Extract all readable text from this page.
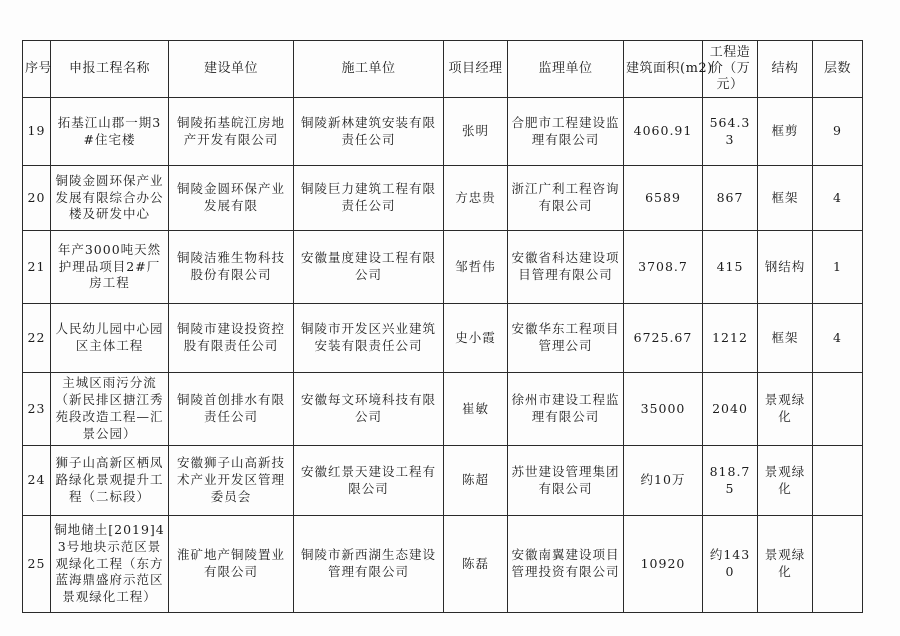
序号	申报工程名称	建设单位	施工单位	项目经理	监理单位	建筑面积(m2)	工程造价（万元）	结构	层数
19	拓基江山郡一期3#住宅楼	铜陵拓基皖江房地产开发有限公司	铜陵新林建筑安装有限责任公司	张明	合肥市工程建设监理有限公司	4060.91	564.33	框剪	9
20	铜陵金圆环保产业发展有限综合办公楼及研发中心	铜陵金圆环保产业发展有限	铜陵巨力建筑工程有限责任公司	方忠贵	浙江广利工程咨询有限公司	6589	867	框架	4
21	年产3000吨天然护理品项目2#厂房工程	铜陵洁雅生物科技股份有限公司	安徽量度建设工程有限公司	邹哲伟	安徽省科达建设项目管理有限公司	3708.7	415	钢结构	1
22	人民幼儿园中心园区主体工程	铜陵市建设投资控股有限责任公司	铜陵市开发区兴业建筑安装有限责任公司	史小霞	安徽华东工程项目管理公司	6725.67	1212	框架	4
23	主城区雨污分流（新民排区搪江秀苑段改造工程—汇景公园）	铜陵首创排水有限责任公司	安徽每文环境科技有限公司	崔敏	徐州市建设工程监理有限公司	35000	2040	景观绿化	
24	狮子山高新区栖凤路绿化景观提升工程（二标段）	安徽狮子山高新技术产业开发区管理委员会	安徽红景天建设工程有限公司	陈超	苏世建设管理集团有限公司	约10万	818.75	景观绿化	
25	铜地储土[2019]43号地块示范区景观绿化工程（东方蓝海鼎盛府示范区景观绿化工程）	淮矿地产铜陵置业有限公司	铜陵市新西湖生态建设管理有限公司	陈磊	安徽南翼建设项目管理投资有限公司	10920	约1430	景观绿化	
